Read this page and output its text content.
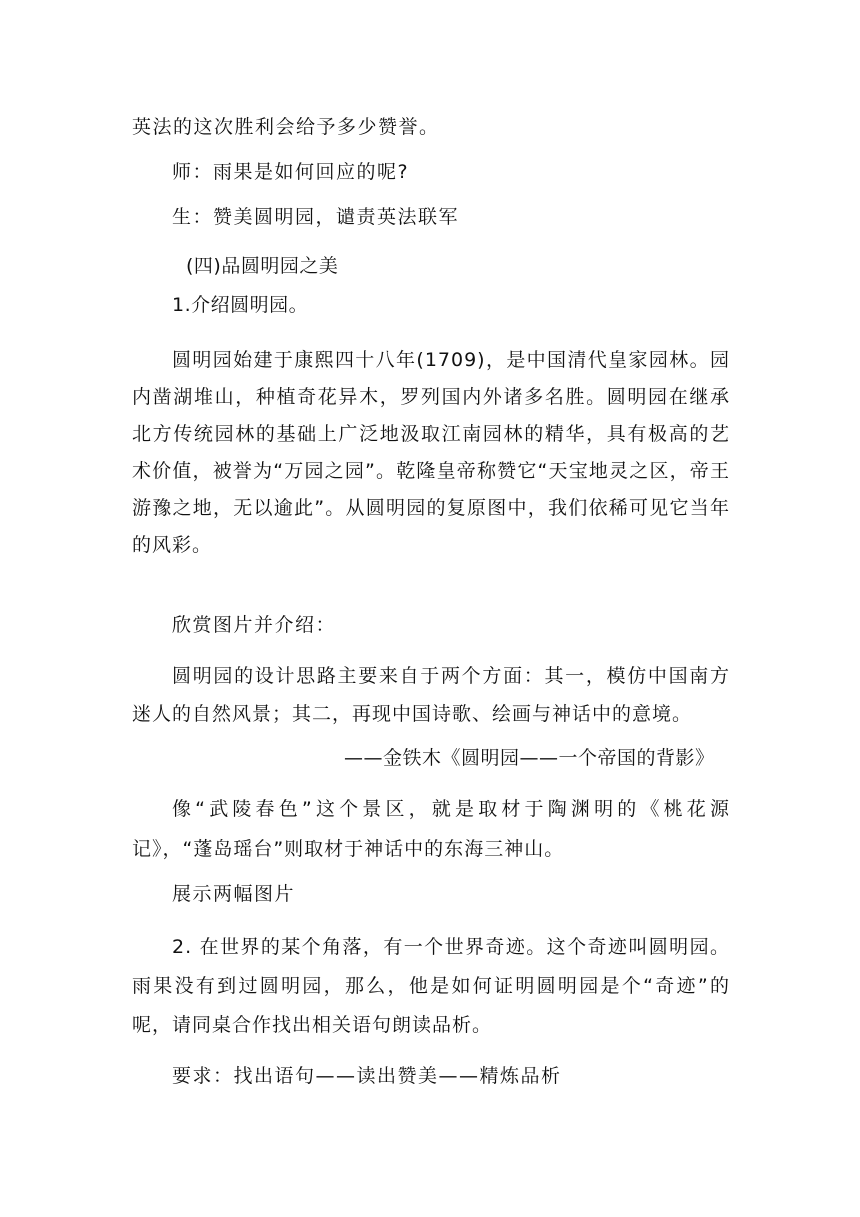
英法的这次胜利会给予多少赞誉。
师：雨果是如何回应的呢?
生：赞美圆明园，谴责英法联军
(四)品圆明园之美
1.介绍圆明园。

圆明园始建于康熙四十八年(1709)，是中国清代皇家园林。园内凿湖堆山，种植奇花异木，罗列国内外诸多名胜。圆明园在继承北方传统园林的基础上广泛地汲取江南园林的精华，具有极高的艺术价值，被誉为“万园之园”。乾隆皇帝称赞它“天宝地灵之区，帝王游豫之地，无以逾此”。从圆明园的复原图中，我们依稀可见它当年的风彩。

欣赏图片并介绍：

圆明园的设计思路主要来自于两个方面：其一，模仿中国南方迷人的自然风景；其二，再现中国诗歌、绘画与神话中的意境。

——金铁木《圆明园——一个帝国的背影》

像“武陵春色”这个景区，就是取材于陶渊明的《桃花源记》，“蓬岛瑶台”则取材于神话中的东海三神山。

展示两幅图片

2. 在世界的某个角落，有一个世界奇迹。这个奇迹叫圆明园。雨果没有到过圆明园，那么，他是如何证明圆明园是个“奇迹”的呢，请同桌合作找出相关语句朗读品析。

要求：找出语句——读出赞美——精炼品析
